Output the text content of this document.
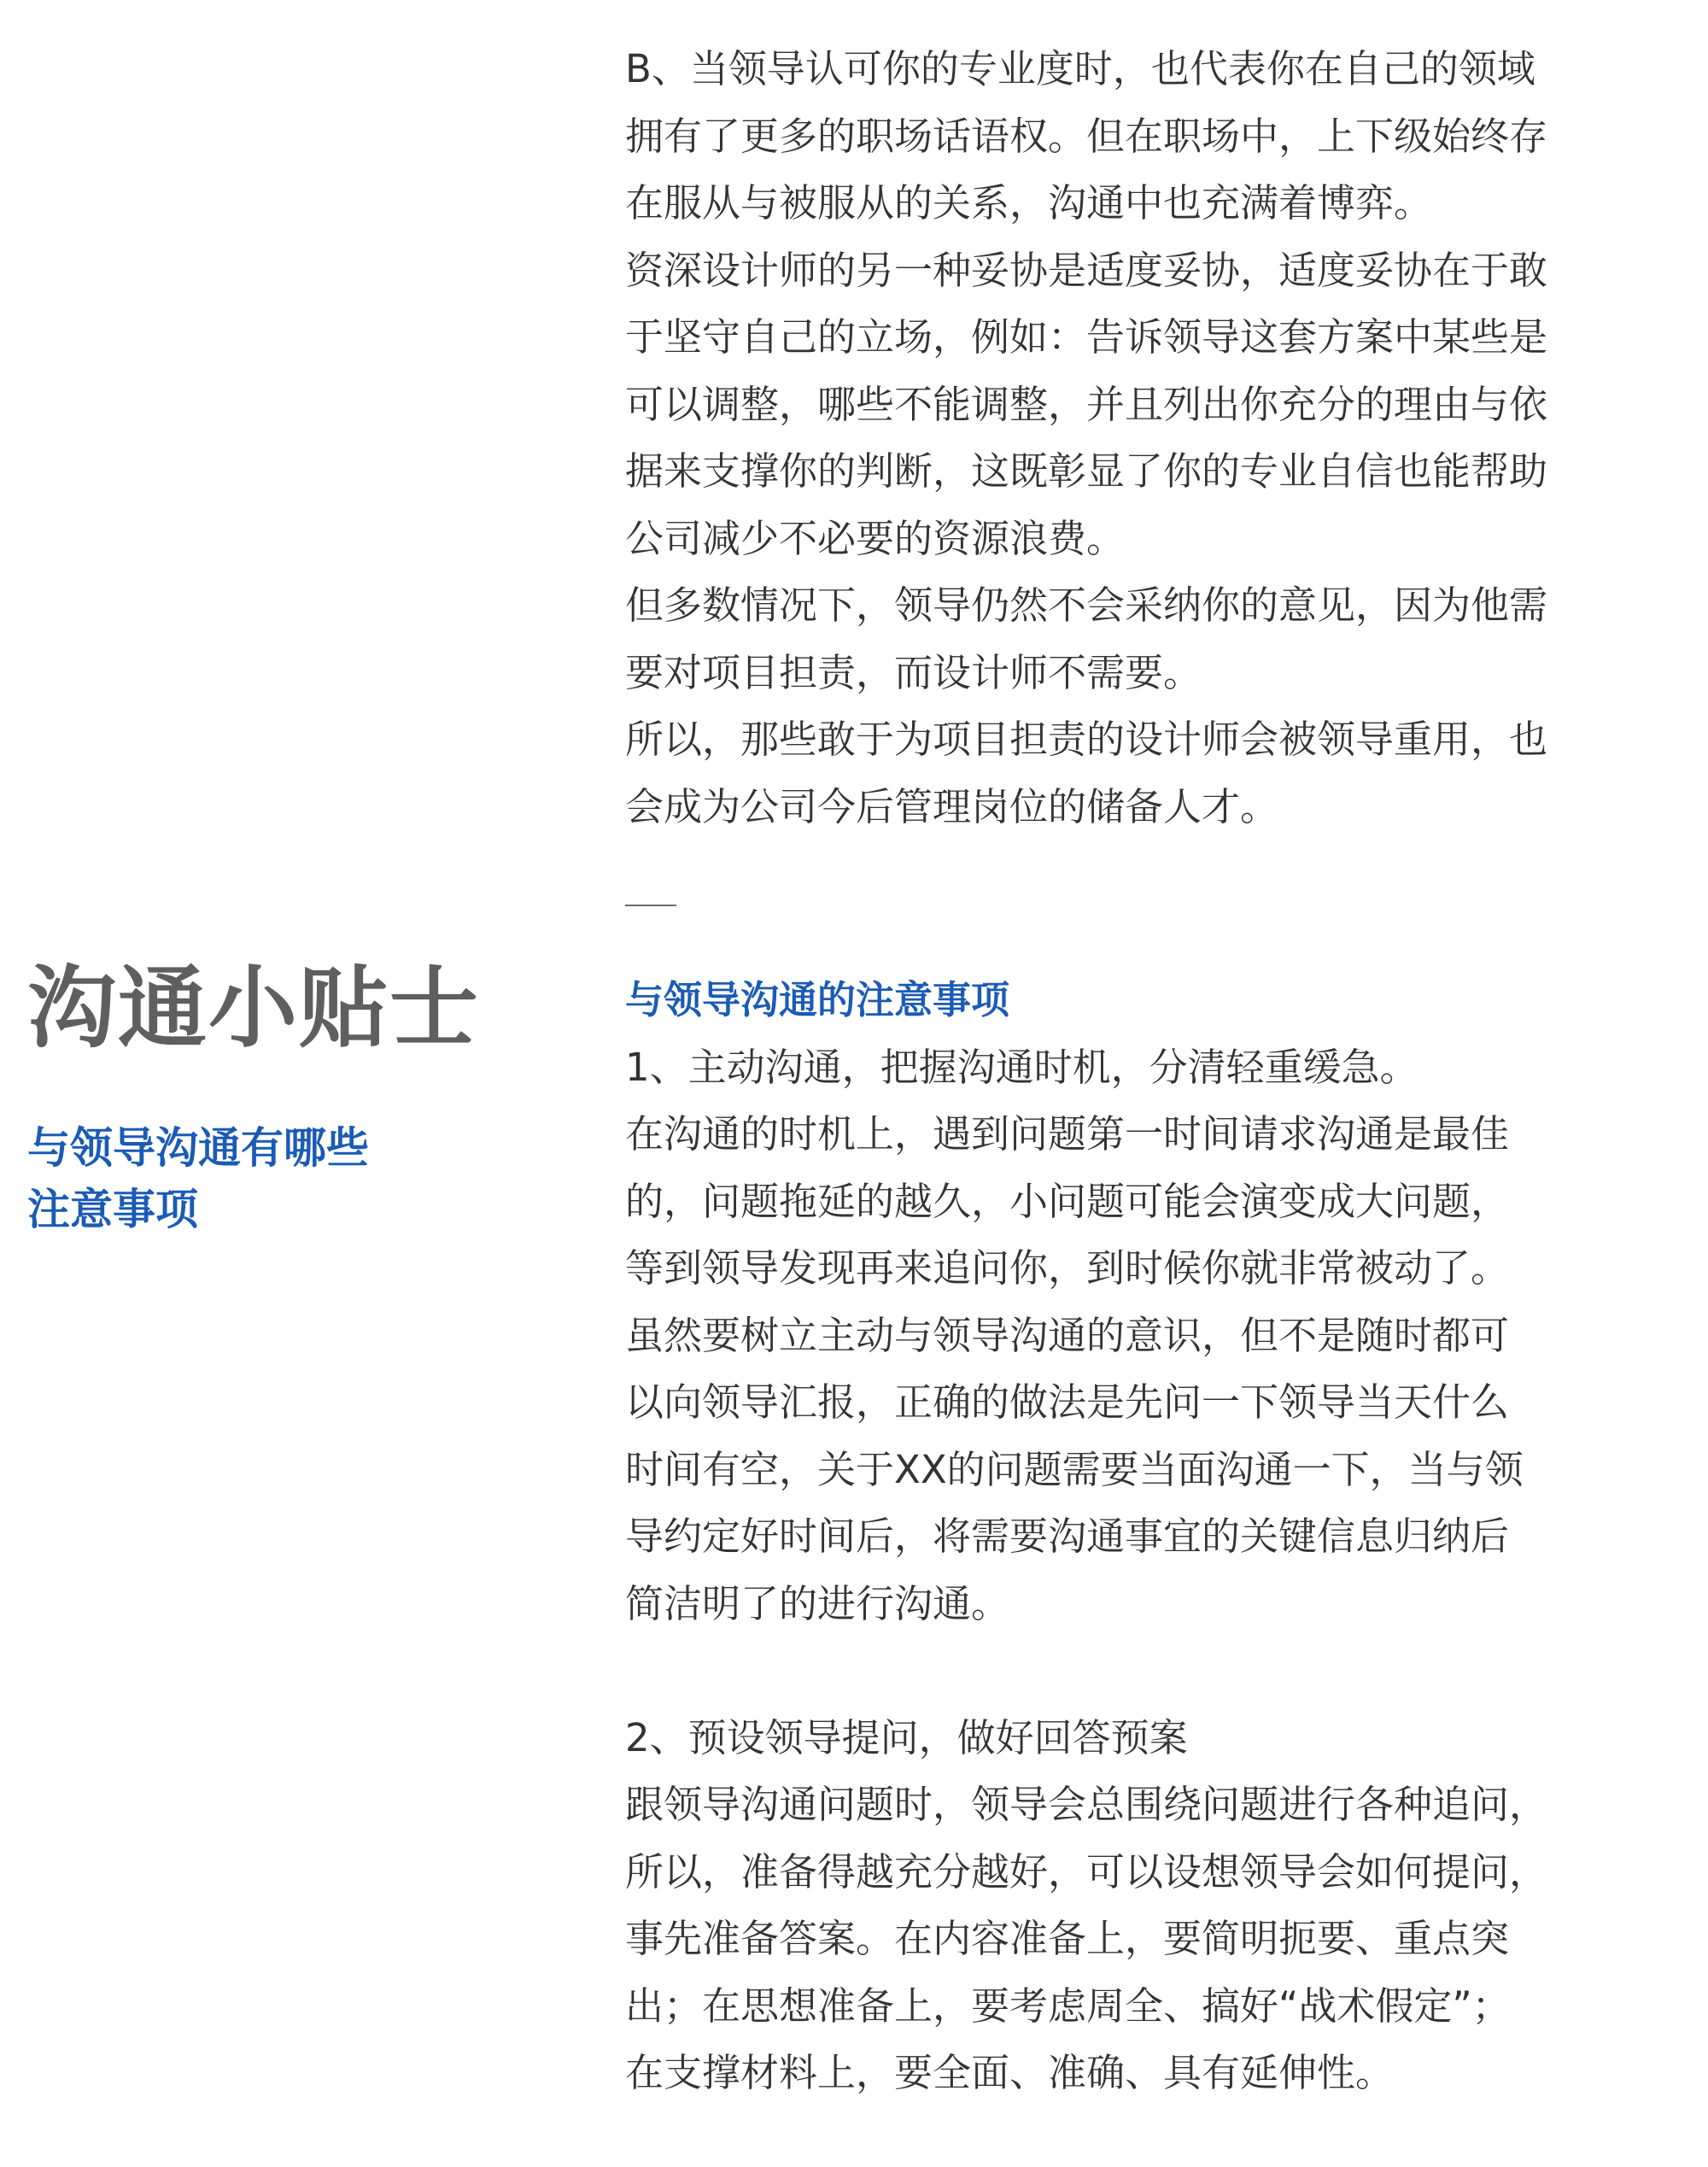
沟通小贴士
与领导沟通有哪些
注意事项
B、当领导认可你的专业度时，也代表你在自己的领域
拥有了更多的职场话语权。但在职场中，上下级始终存
在服从与被服从的关系，沟通中也充满着博弈。
资深设计师的另一种妥协是适度妥协，适度妥协在于敢
于坚守自己的立场，例如：告诉领导这套方案中某些是
可以调整，哪些不能调整，并且列出你充分的理由与依
据来支撑你的判断，这既彰显了你的专业自信也能帮助
公司减少不必要的资源浪费。
但多数情况下，领导仍然不会采纳你的意见，因为他需
要对项目担责，而设计师不需要。
所以，那些敢于为项目担责的设计师会被领导重用，也
会成为公司今后管理岗位的储备人才。
与领导沟通的注意事项
1、主动沟通，把握沟通时机，分清轻重缓急。
在沟通的时机上，遇到问题第一时间请求沟通是最佳
的，问题拖延的越久，小问题可能会演变成大问题，
等到领导发现再来追问你，到时候你就非常被动了。
虽然要树立主动与领导沟通的意识，但不是随时都可
以向领导汇报，正确的做法是先问一下领导当天什么
时间有空，关于XX的问题需要当面沟通一下，当与领
导约定好时间后，将需要沟通事宜的关键信息归纳后
简洁明了的进行沟通。
2、预设领导提问，做好回答预案
跟领导沟通问题时，领导会总围绕问题进行各种追问，
所以，准备得越充分越好，可以设想领导会如何提问，
事先准备答案。在内容准备上，要简明扼要、重点突
出；在思想准备上，要考虑周全、搞好“战术假定”；
在支撑材料上，要全面、准确、具有延伸性。
